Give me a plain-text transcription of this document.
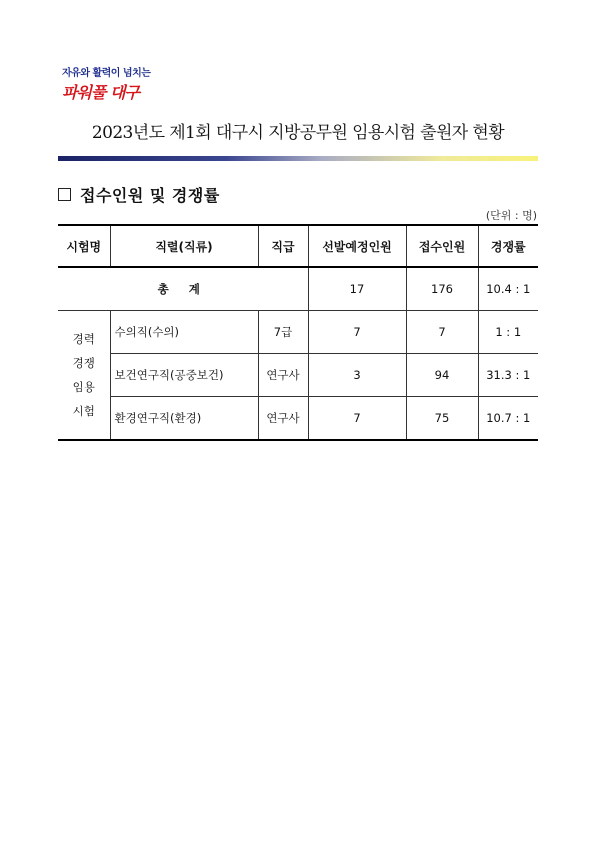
자유와 활력이 넘치는
파워풀 대구
2023년도 제1회 대구시 지방공무원 임용시험 출원자 현황
접수인원 및 경쟁률
(단위 : 명)
시험명	직렬(직류)	직급	선발예정인원	접수인원	경쟁률
총 계			17	176	10.4 : 1

경력
경쟁
임용
시험	수의직(수의)	7급	7	7	1 : 1
	보건연구직(공중보건)	연구사	3	94	31.3 : 1
	환경연구직(환경)	연구사	7	75	10.7 : 1
